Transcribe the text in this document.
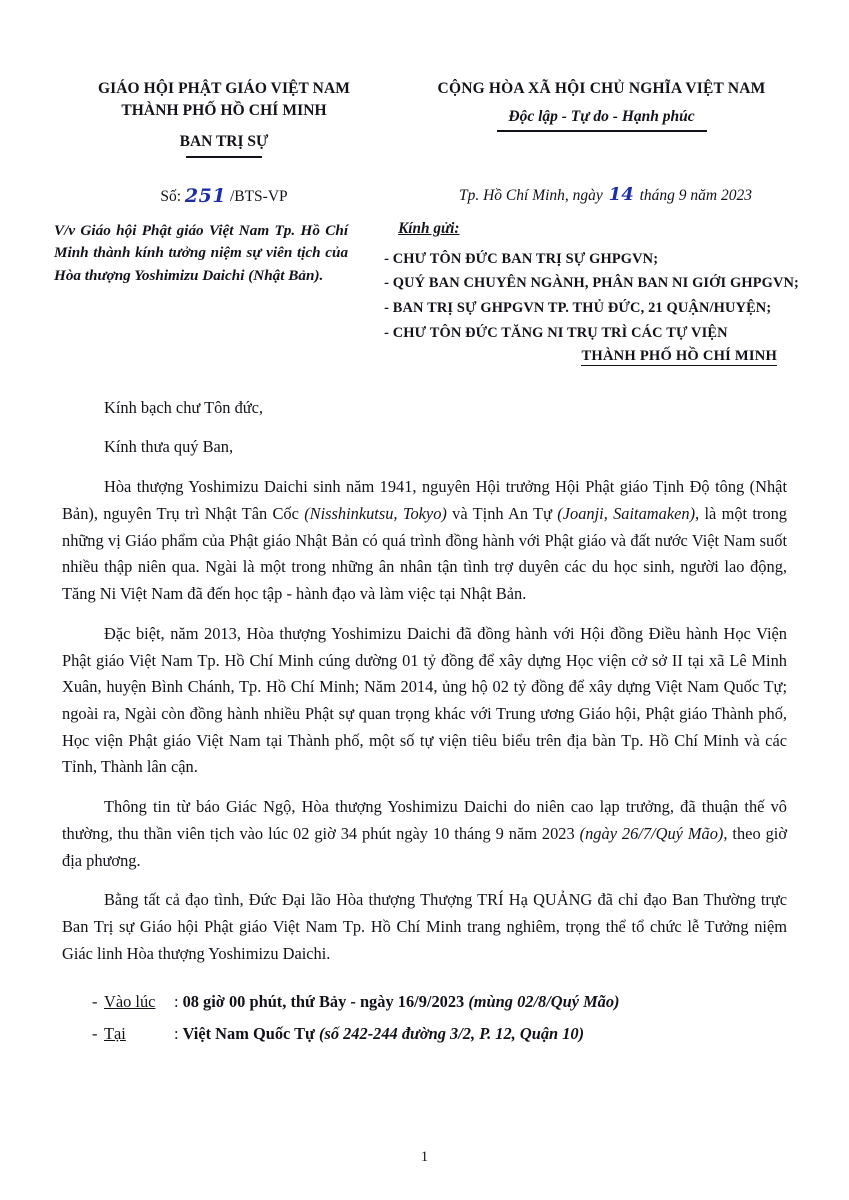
GIÁO HỘI PHẬT GIÁO VIỆT NAM
THÀNH PHỐ HỒ CHÍ MINH
BAN TRỊ SỰ
CỘNG HÒA XÃ HỘI CHỦ NGHĨA VIỆT NAM
Độc lập - Tự do - Hạnh phúc
Số: 251 /BTS-VP	Tp. Hồ Chí Minh, ngày 14 tháng 9 năm 2023
V/v Giáo hội Phật giáo Việt Nam Tp. Hồ Chí Minh thành kính tưởng niệm sự viên tịch của Hòa thượng Yoshimizu Daichi (Nhật Bản).
Kính gửi:
- CHƯ TÔN ĐỨC BAN TRỊ SỰ GHPGVN;
- QUÝ BAN CHUYÊN NGÀNH, PHÂN BAN NI GIỚI GHPGVN;
- BAN TRỊ SỰ GHPGVN TP. THỦ ĐỨC, 21 QUẬN/HUYỆN;
- CHƯ TÔN ĐỨC TĂNG NI TRỤ TRÌ CÁC TỰ VIỆN
THÀNH PHỐ HỒ CHÍ MINH

Kính bạch chư Tôn đức,

Kính thưa quý Ban,

Hòa thượng Yoshimizu Daichi sinh năm 1941, nguyên Hội trưởng Hội Phật giáo Tịnh Độ tông (Nhật Bản), nguyên Trụ trì Nhật Tân Cốc (Nisshinkutsu, Tokyo) và Tịnh An Tự (Joanji, Saitamaken), là một trong những vị Giáo phẩm của Phật giáo Nhật Bản có quá trình đồng hành với Phật giáo và đất nước Việt Nam suốt nhiều thập niên qua. Ngài là một trong những ân nhân tận tình trợ duyên các du học sinh, người lao động, Tăng Ni Việt Nam đã đến học tập - hành đạo và làm việc tại Nhật Bản.

Đặc biệt, năm 2013, Hòa thượng Yoshimizu Daichi đã đồng hành với Hội đồng Điều hành Học Viện Phật giáo Việt Nam Tp. Hồ Chí Minh cúng dường 01 tỷ đồng để xây dựng Học viện cở sở II tại xã Lê Minh Xuân, huyện Bình Chánh, Tp. Hồ Chí Minh; Năm 2014, ủng hộ 02 tỷ đồng để xây dựng Việt Nam Quốc Tự; ngoài ra, Ngài còn đồng hành nhiều Phật sự quan trọng khác với Trung ương Giáo hội, Phật giáo Thành phố, Học viện Phật giáo Việt Nam tại Thành phố, một số tự viện tiêu biểu trên địa bàn Tp. Hồ Chí Minh và các Tỉnh, Thành lân cận.

Thông tin từ báo Giác Ngộ, Hòa thượng Yoshimizu Daichi do niên cao lạp trưởng, đã thuận thế vô thường, thu thần viên tịch vào lúc 02 giờ 34 phút ngày 10 tháng 9 năm 2023 (ngày 26/7/Quý Mão), theo giờ địa phương.

Bằng tất cả đạo tình, Đức Đại lão Hòa thượng Thượng TRÍ Hạ QUẢNG đã chỉ đạo Ban Thường trực Ban Trị sự Giáo hội Phật giáo Việt Nam Tp. Hồ Chí Minh trang nghiêm, trọng thể tổ chức lễ Tưởng niệm Giác linh Hòa thượng Yoshimizu Daichi.

- Vào lúc	: 08 giờ 00 phút, thứ Bảy - ngày 16/9/2023 (mùng 02/8/Quý Mão)
- Tại	: Việt Nam Quốc Tự (số 242-244 đường 3/2, P. 12, Quận 10)
1
